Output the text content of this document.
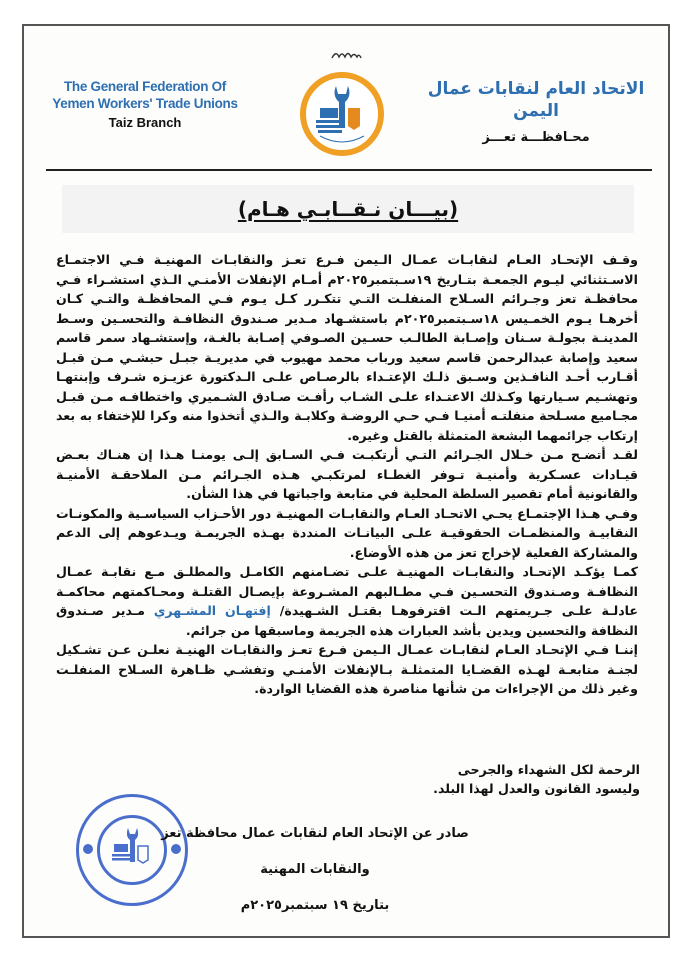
The General Federation Of
Yemen Workers' Trade Unions
Taiz Branch
الاتحاد العام لنقابات عمال اليمن
محـافظـــة تعـــز
(بيـــان نـقــابـي هـام)

وقـف الإتحـاد العـام لنقابـات عمـال الـيمن فـرع تعـز والنقابـات المهنيـة فـي الاجتمـاع الاسـتثنائي ليـوم الجمعـة بتـاريخ ١٩سـبتمبر٢٠٢٥م أمـام الإنفلات الأمنـي الـذي استشـراء فـي محافظـة تعز وجـرائم السـلاح المنفلـت التـي تتكـرر كـل يـوم فـي المحافظـة والتـي كـان أخرهـا يـوم الخمـيس ١٨سـبتمبر٢٠٢٥م باستشـهاد مـدير صـندوق النظافـة والتحسـين وسـط المدينـة بجولـة سـنان وإصـابة الطالـب حسـين الصـوفي إصـابة بالغـة، وإستشـهاد سمر قاسم سعيد وإصابة عبدالرحمن قاسم سعيد ورباب محمد مهيوب في مديريـة جبـل حبشـي مـن قبـل أقـارب أحـد النافـذين وسـبق ذلـك الإعتـداء بالرصـاص علـى الـدكتورة عزيـزه شـرف وإبنتهـا وتهشـيم سـيارتها وكـذلك الاعتـداء علـى الشـاب رأفـت صـادق الشـميري واختطافـه مـن قبـل مجـاميع مسـلحة منفلتـه أمنيـا فـي حـي الروضـة وكلابـة والـذي أتخذوا منه وكرا للإختفاء به بعد إرتكاب جرائمهما البشعة المتمثلة بالقتل وغيره.

لقـد أتضـح مـن خـلال الجـرائم التـي أرتكبـت فـي السـابق إلـى يومنـا هـذا إن هنـاك بعـض قيـادات عسـكرية وأمنيـة تـوفر الغطـاء لمرتكبـي هـذه الجـرائم مـن الملاحقـة الأمنيـة والقانونية أمام تقصير السلطة المحلية في متابعة واجباتها في هذا الشأن.

وفـي هـذا الإجتمـاع يحـي الاتحـاد العـام والنقابـات المهنيـة دور الأحـزاب السياسـية والمكونـات النقابيـة والمنظمـات الحقوقيـة علـى البيانـات المنددة بهـذه الجريمـة ويـدعوهم إلى الدعم والمشاركة الفعلية لإخراج تعز من هذه الأوضاع.

كمـا يؤكـد الإتحـاد والنقابـات المهنيـة علـى تضـامنهم الكامـل والمطلـق مـع نقابـة عمـال النظافـة وصـندوق التحسـين فـي مطـالبهم المشـروعة بإيصـال القتلـة ومحـاكمتهم محاكمـة عادلـة علـى جـريمتهم الـت اقترفوهـا بقتـل الشـهيدة/ إفتهـان المشـهري مـدير صـندوق النظافة والتحسين ويدين بأشد العبارات هذه الجريمة وماسبقها من جرائم.

إننـا فـي الإتحـاد العـام لنقابـات عمـال الـيمن فـرع تعـز والنقابـات الهنيـة نعلـن عـن تشـكيل لجنـة متابعـة لهـذه القضـايا المتمثلـة بـالإنفلات الأمنـي وتفشـي ظـاهرة السـلاح المنفلـت وغير ذلك من الإجراءات من شأنها مناصرة هذه القضايا الواردة.

الرحمة لكل الشهداء والجرحى
وليسود القانون والعدل لهذا البلد.
صادر عن الإتحاد العام لنقابات عمال محافظة تعز
والنقابات المهنية
بتاريخ ١٩ سبتمبر٢٠٢٥م
